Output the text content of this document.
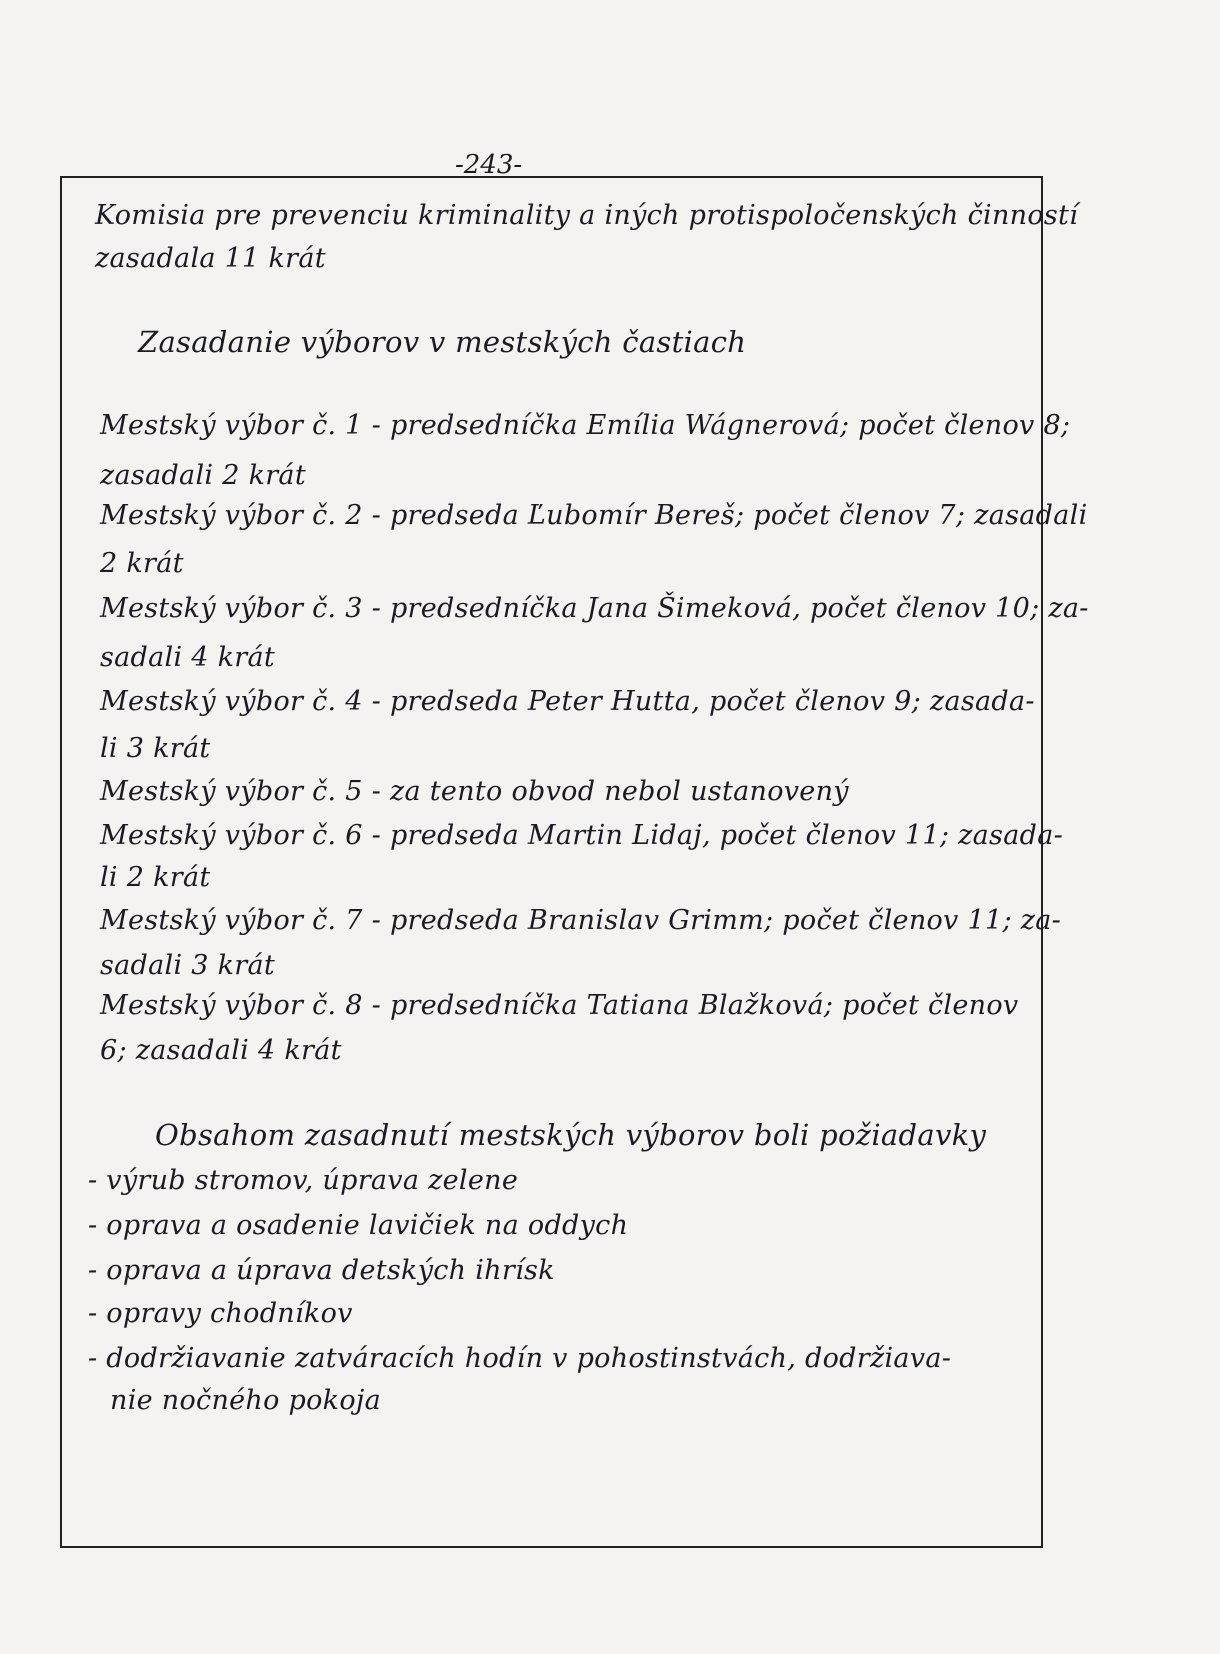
-243-
Komisia pre prevenciu kriminality a iných protispoločenských činností
zasadala 11 krát
Zasadanie výborov v mestských častiach
Mestský výbor č. 1 - predsedníčka Emília Wágnerová; počet členov 8;
zasadali 2 krát
Mestský výbor č. 2 - predseda Ľubomír Bereš; počet členov 7; zasadali
2 krát
Mestský výbor č. 3 - predsedníčka Jana Šimeková, počet členov 10; za-
sadali 4 krát
Mestský výbor č. 4 - predseda Peter Hutta, počet členov 9; zasada-
li 3 krát
Mestský výbor č. 5 - za tento obvod nebol ustanovený
Mestský výbor č. 6 - predseda Martin Lidaj, počet členov 11; zasada-
li 2 krát
Mestský výbor č. 7 - predseda Branislav Grimm; počet členov 11; za-
sadali 3 krát
Mestský výbor č. 8 - predsedníčka Tatiana Blažková; počet členov
6; zasadali 4 krát
Obsahom zasadnutí mestských výborov boli požiadavky
- výrub stromov, úprava zelene
- oprava a osadenie lavičiek na oddych
- oprava a úprava detských ihrísk
- opravy chodníkov
- dodržiavanie zatváracích hodín v pohostinstvách, dodržiava-
nie nočného pokoja
